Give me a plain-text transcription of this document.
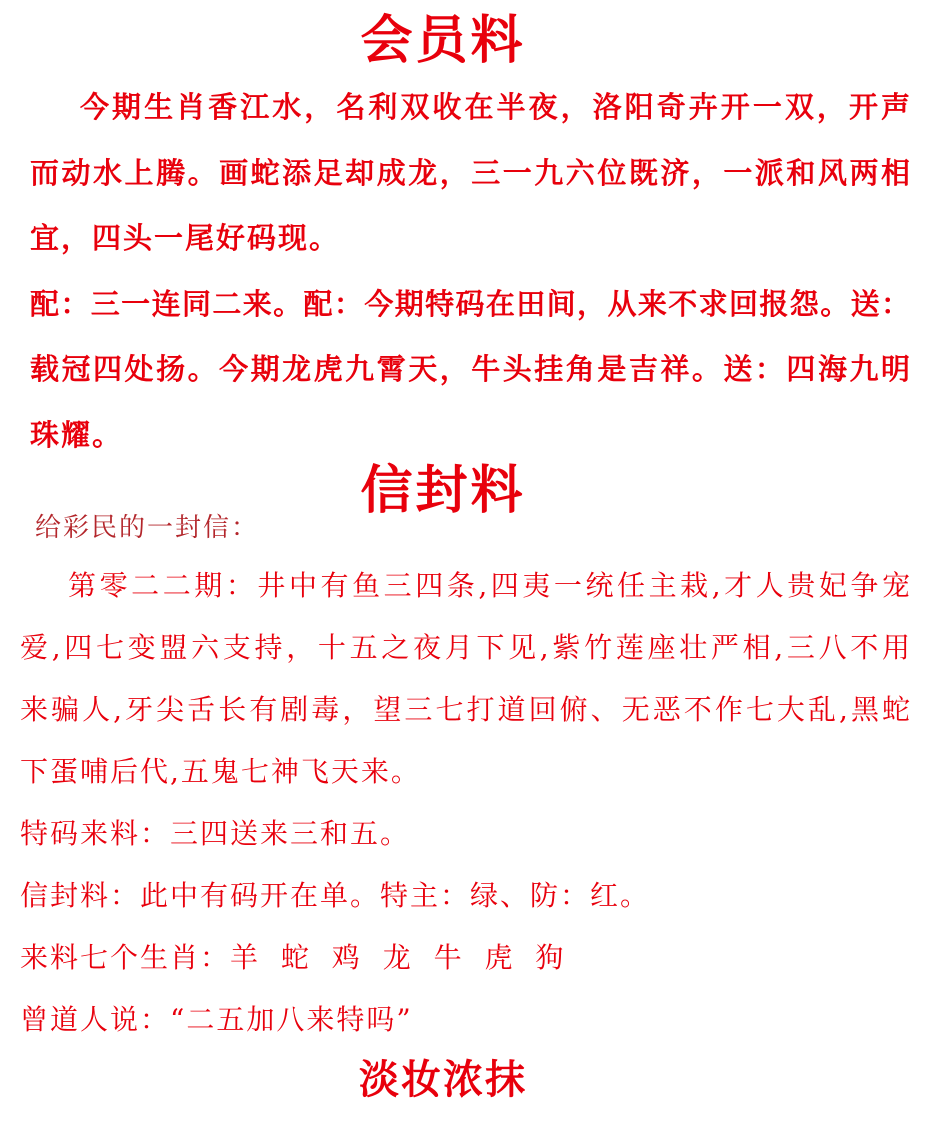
会员料
今期生肖香江水，名利双收在半夜，洛阳奇卉开一双，开声
而动水上腾。画蛇添足却成龙，三一九六位既济，一派和风两相
宜，四头一尾好码现。
配：三一连同二来。配：今期特码在田间，从来不求回报怨。送：
载冠四处扬。今期龙虎九霄天，牛头挂角是吉祥。送：四海九明
珠耀。
信封料
给彩民的一封信：
第零二二期：井中有鱼三四条,四夷一统任主栽,才人贵妃争宠
爱,四七变盟六支持，十五之夜月下见,紫竹莲座壮严相,三八不用
来骗人,牙尖舌长有剧毒，望三七打道回俯、无恶不作七大乱,黑蛇
下蛋哺后代,五鬼七神飞天来。
特码来料：三四送来三和五。
信封料：此中有码开在单。特主：绿、防：红。
来料七个生肖：羊 蛇 鸡 龙 牛 虎 狗
曾道人说：“二五加八来特吗”
淡妆浓抹
